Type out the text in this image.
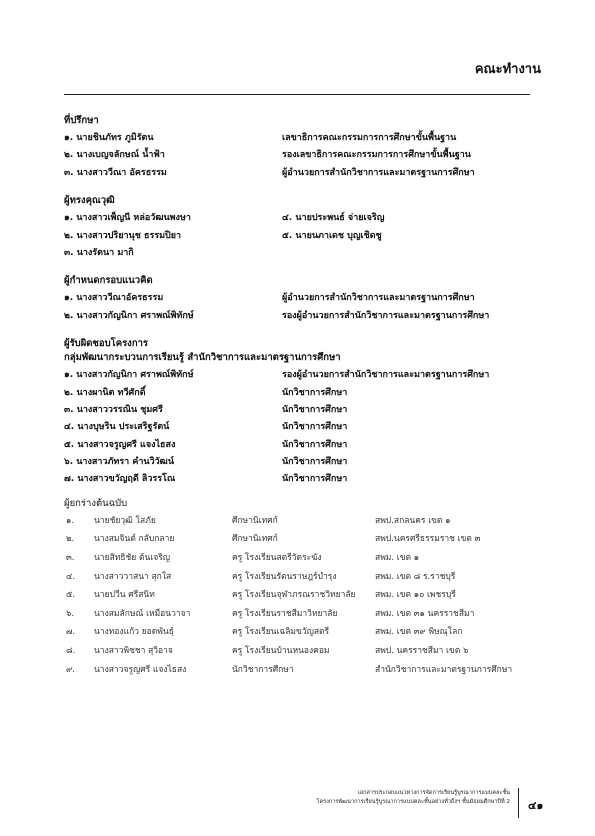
คณะทำงาน
ที่ปรึกษา
๑. นายชินภัทร ภูมิรัตน	เลขาธิการคณะกรรมการการศึกษาขั้นพื้นฐาน
๒. นางเบญจลักษณ์ น้ำฟ้า	รองเลขาธิการคณะกรรมการการศึกษาขั้นพื้นฐาน
๓. นางสาววีณา อัครธรรม	ผู้อำนวยการสำนักวิชาการและมาตรฐานการศึกษา
ผู้ทรงคุณวุฒิ
๑. นางสาวเพ็ญนี หล่อวัฒนพงษา	๔. นายประพนธ์ จ่ายเจริญ
๒. นางสาวปริยานุช ธรรมปิยา	๕. นายนภาเดช บุญเชิดชู
๓. นางรัตนา มากิ
ผู้กำหนดกรอบแนวคิด
๑. นางสาววีณาอัครธรรม	ผู้อำนวยการสำนักวิชาการและมาตรฐานการศึกษา
๒. นางสาวกัญนิกา ศราพณ์พิทักษ์	รองผู้อำนวยการสำนักวิชาการและมาตรฐานการศึกษา
ผู้รับผิดชอบโครงการ
กลุ่มพัฒนากระบวนการเรียนรู้ สำนักวิชาการและมาตรฐานการศึกษา
๑. นางสาวกัญนิกา ศราพณ์พิทักษ์	รองผู้อำนวยการสำนักวิชาการและมาตรฐานการศึกษา
๒. นางผานิต ทวีศักดิ์	นักวิชาการศึกษา
๓. นางสาววรรณิน ชุมศรี	นักวิชาการศึกษา
๔. นางบุษริน ประเสริฐรัตน์	นักวิชาการศึกษา
๕. นางสาวจรูญศรี แจงไธสง	นักวิชาการศึกษา
๖. นางสาวภัทรา คำนวิวัฒน์	นักวิชาการศึกษา
๗. นางสาวขวัญฤดี ลิวรรโณ	นักวิชาการศึกษา
ผู้ยกร่างต้นฉบับ
๑. นายชัยวุฒิ โสภัย	ศึกษานิเทศก์	สพป.สกลนคร เขต ๑
๒. นางสมจินต์ กลับกลาย	ศึกษานิเทศก์	สพป.นครศรีธรรมราช เขต ๓
๓. นายสิทธิชัย ต้นเจริญ	ครู โรงเรียนสตรีวัดระฆัง	สพม. เขต ๑
๔. นางสาววาสนา สุกใส	ครู โรงเรียนรัตนราษฎร์บำรุง	สพม. เขต ๘ ร.ราชบุรี
๕. นายปวีน ศรีสนิท	ครู โรงเรียนจุฬาภรณราชวิทยาลัย สพม. เขต ๑๐ เพชรบุรี
๖. นางสมลักษณ์ เหมือนวาจา	ครู โรงเรียนราชสีมาวิทยาลัย	สพม. เขต ๓๑ นครราชสีมา
๗. นางทองแก้ว ยอดพันธุ์	ครู โรงเรียนเฉลิมขวัญสตรี	สพม. เขต ๓๙ พิษณุโลก
๘. นางสาวพิชชา สุวิอาจ	ครู โรงเรียนบ้านหนองคอม	สพป. นครราชสีมา เขต ๖
๙. นางสาวจรูญศรี แจงไธสง	นักวิชาการศึกษา	สำนักวิชาการและมาตรฐานการศึกษา
เอกสารประกอบแนวทางการจัดการเรียนรู้บูรณาการแบบคละชั้น
โครงการพัฒนาการเรียนรู้บูรณาการแบบคละชั้นอย่างทั่วถึงฯ ชั้นมัธยมศึกษาปีที่ 2 ๔๑
